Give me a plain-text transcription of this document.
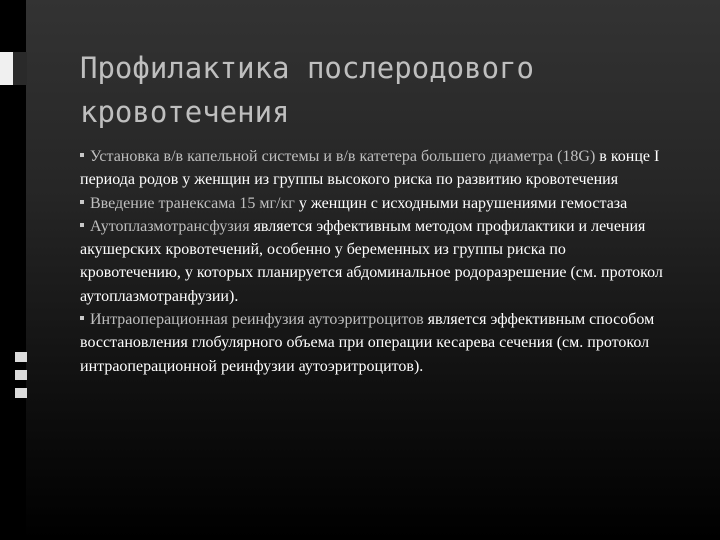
Профилактика послеродового кровотечения
Установка в/в капельной системы и в/в катетера большего диаметра (18G) в конце I периода родов у женщин из группы высокого риска по развитию кровотечения
Введение транексама 15 мг/кг у женщин с исходными нарушениями гемостаза
Аутоплазмотрансфузия является эффективным методом профилактики и лечения акушерских кровотечений, особенно у беременных из группы риска по кровотечению, у которых планируется абдоминальное родоразрешение (см. протокол аутоплазмотранфузии).
Интраоперационная реинфузия аутоэритроцитов является эффективным способом восстановления глобулярного объема при операции кесарева сечения (см. протокол интраоперационной реинфузии аутоэритроцитов).
